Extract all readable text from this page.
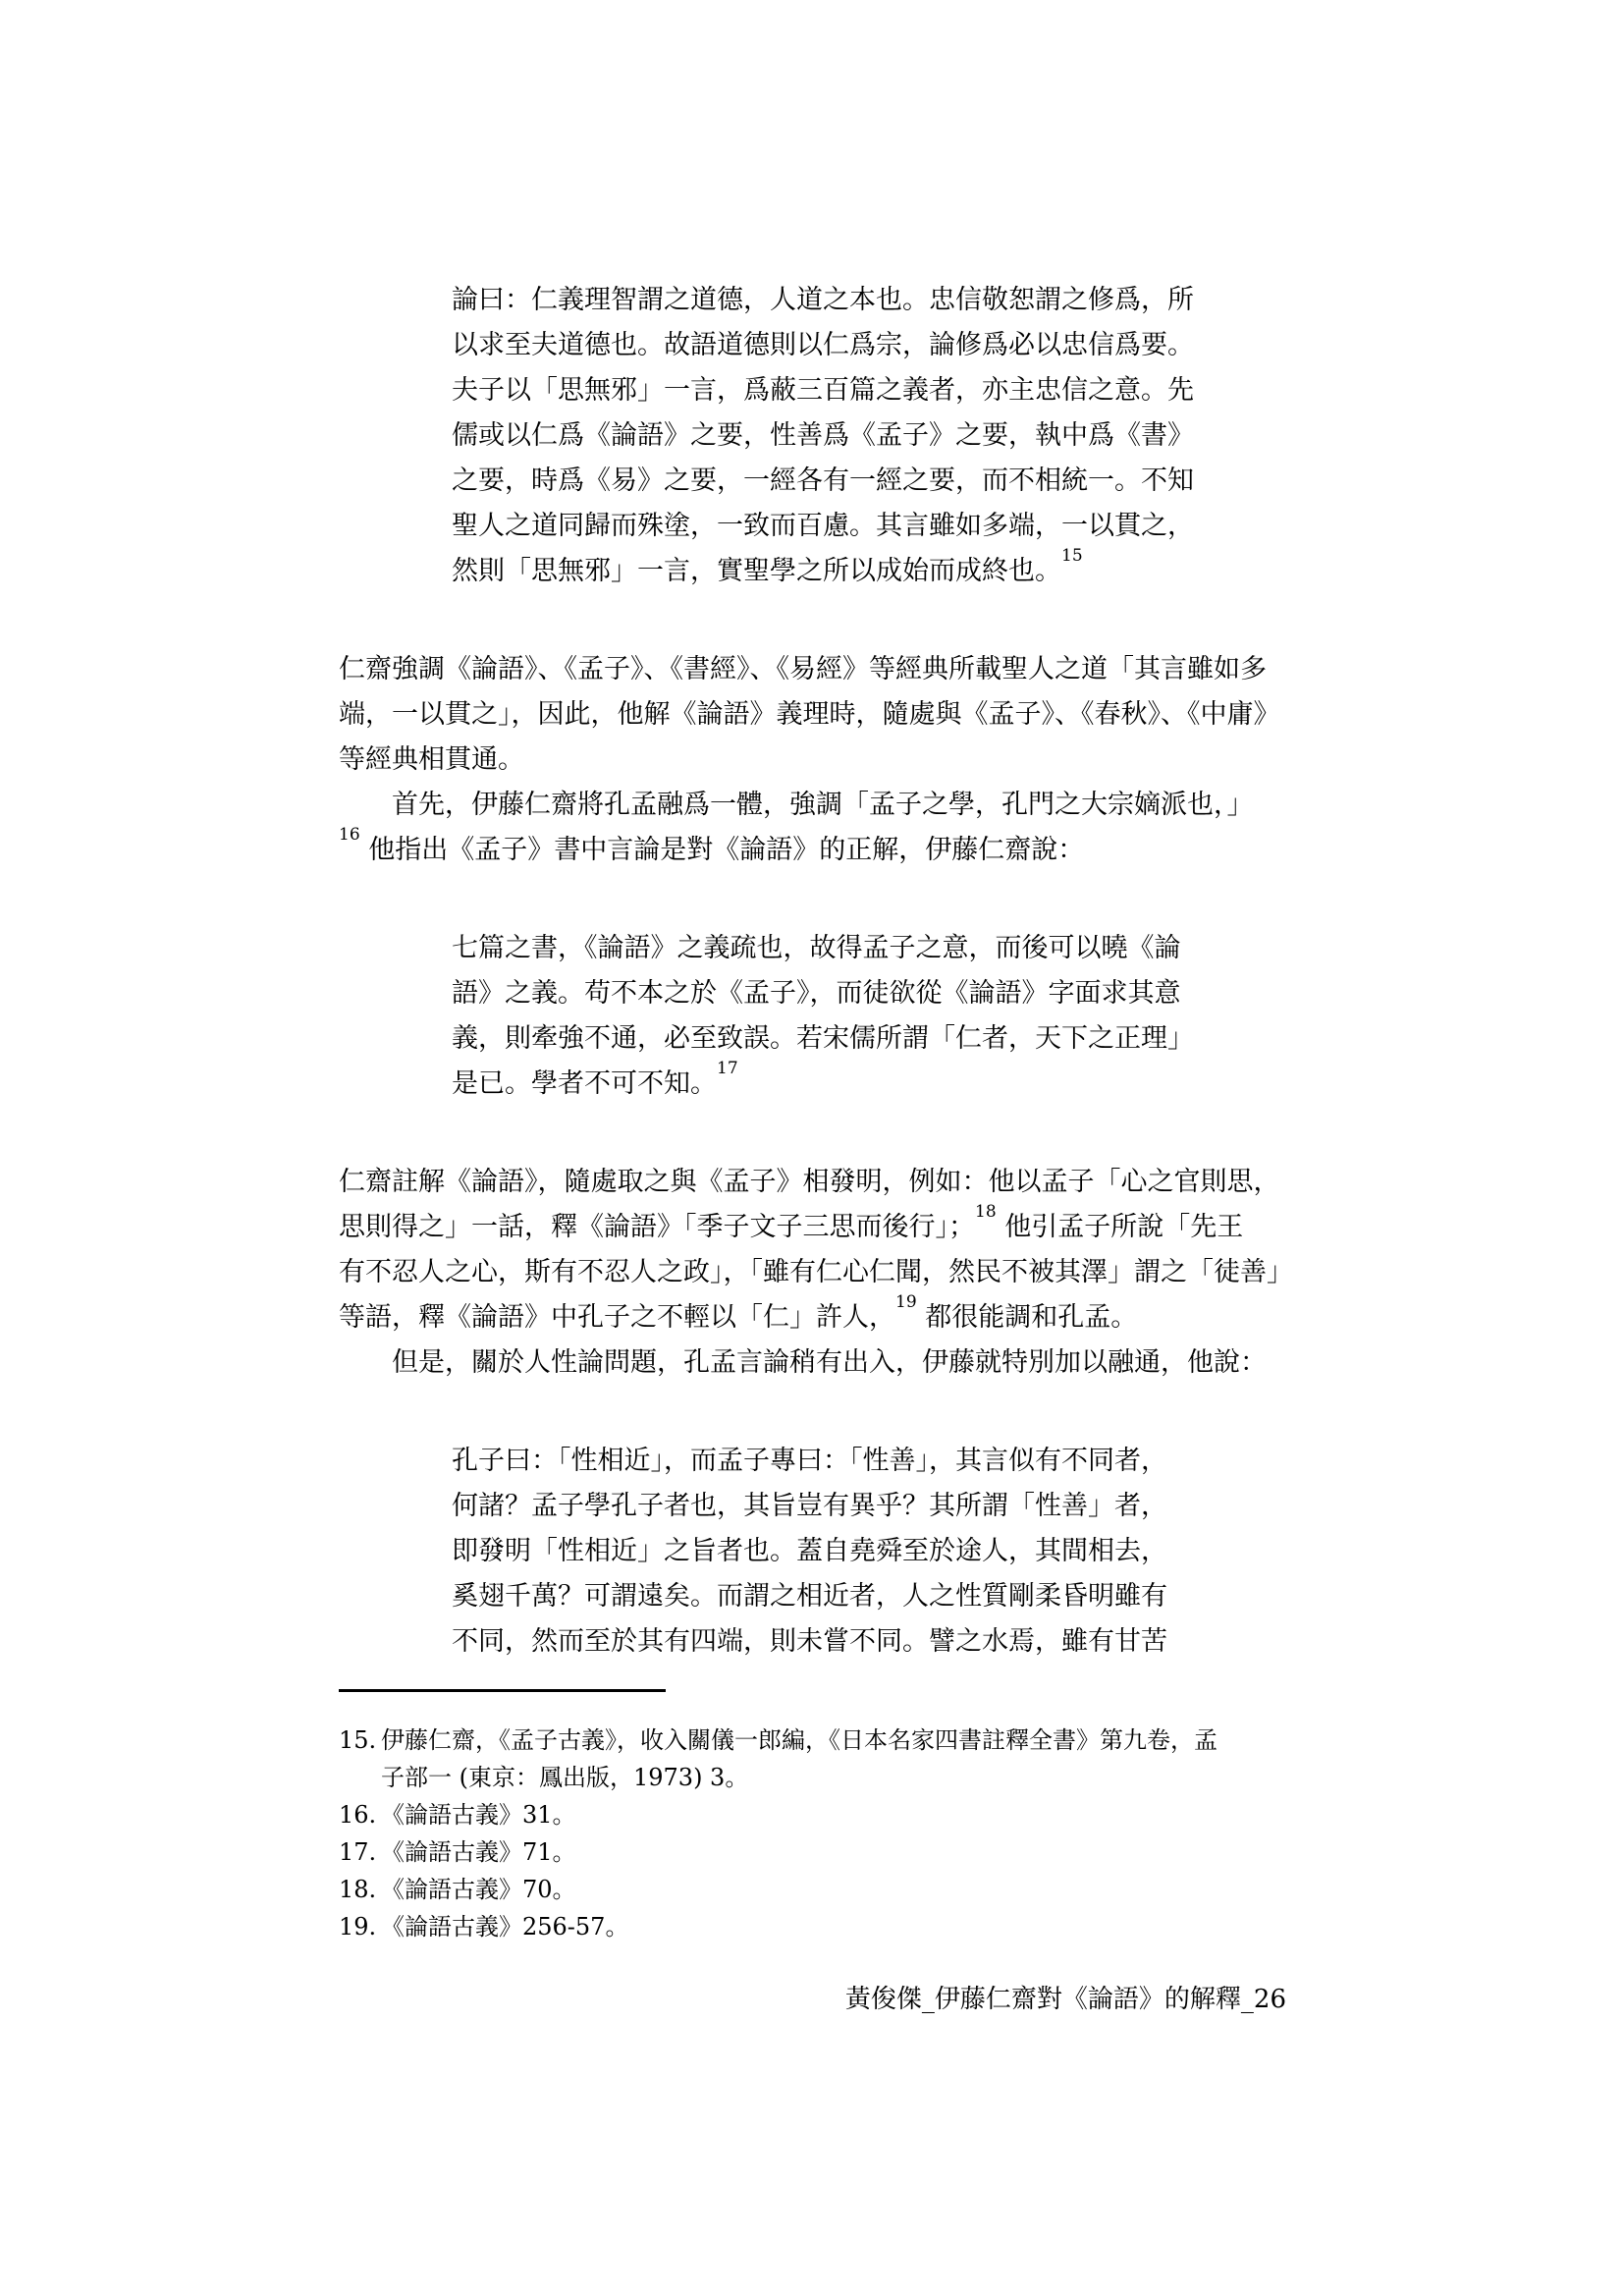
論曰：仁義理智謂之道德，人道之本也。忠信敬恕謂之修爲，所
以求至夫道德也。故語道德則以仁爲宗，論修爲必以忠信爲要。
夫子以「思無邪」一言，爲蔽三百篇之義者，亦主忠信之意。先
儒或以仁爲《論語》之要，性善爲《孟子》之要，執中爲《書》
之要，時爲《易》之要，一經各有一經之要，而不相統一。不知
聖人之道同歸而殊塗，一致而百慮。其言雖如多端，一以貫之，
然則「思無邪」一言，實聖學之所以成始而成終也。$^{15}$
仁齋強調《論語》、《孟子》、《書經》、《易經》等經典所載聖人之道「其言雖如多
端，一以貫之」，因此，他解《論語》義理時，隨處與《孟子》、《春秋》、《中庸》
等經典相貫通。
首先，伊藤仁齋將孔孟融爲一體，強調「孟子之學，孔門之大宗嫡派也，」
$^{16}$ 他指出《孟子》書中言論是對《論語》的正解，伊藤仁齋說：
七篇之書，《論語》之義疏也，故得孟子之意，而後可以曉《論
語》之義。苟不本之於《孟子》，而徒欲從《論語》字面求其意
義，則牽強不通，必至致誤。若宋儒所謂「仁者，天下之正理」
是已。學者不可不知。$^{17}$
仁齋註解《論語》，隨處取之與《孟子》相發明，例如：他以孟子「心之官則思，
思則得之」一話，釋《論語》「季子文子三思而後行」；$^{18}$ 他引孟子所說「先王
有不忍人之心，斯有不忍人之政」，「雖有仁心仁聞，然民不被其澤」謂之「徒善」
等語，釋《論語》中孔子之不輕以「仁」許人，$^{19}$ 都很能調和孔孟。
但是，關於人性論問題，孔孟言論稍有出入，伊藤就特別加以融通，他說：
孔子曰：「性相近」，而孟子專曰：「性善」，其言似有不同者，
何諸？孟子學孔子者也，其旨豈有異乎？其所謂「性善」者，
即發明「性相近」之旨者也。蓋自堯舜至於途人，其間相去，
奚翅千萬？可謂遠矣。而謂之相近者，人之性質剛柔昏明雖有
不同，然而至於其有四端，則未嘗不同。譬之水焉，雖有甘苦
15. 伊藤仁齋，《孟子古義》，收入關儀一郎編，《日本名家四書註釋全書》第九卷，孟
子部一 (東京：鳳出版，1973) 3。
16. 《論語古義》31。
17. 《論語古義》71。
18. 《論語古義》70。
19. 《論語古義》256-57。
黃俊傑_伊藤仁齋對《論語》的解釋_26
